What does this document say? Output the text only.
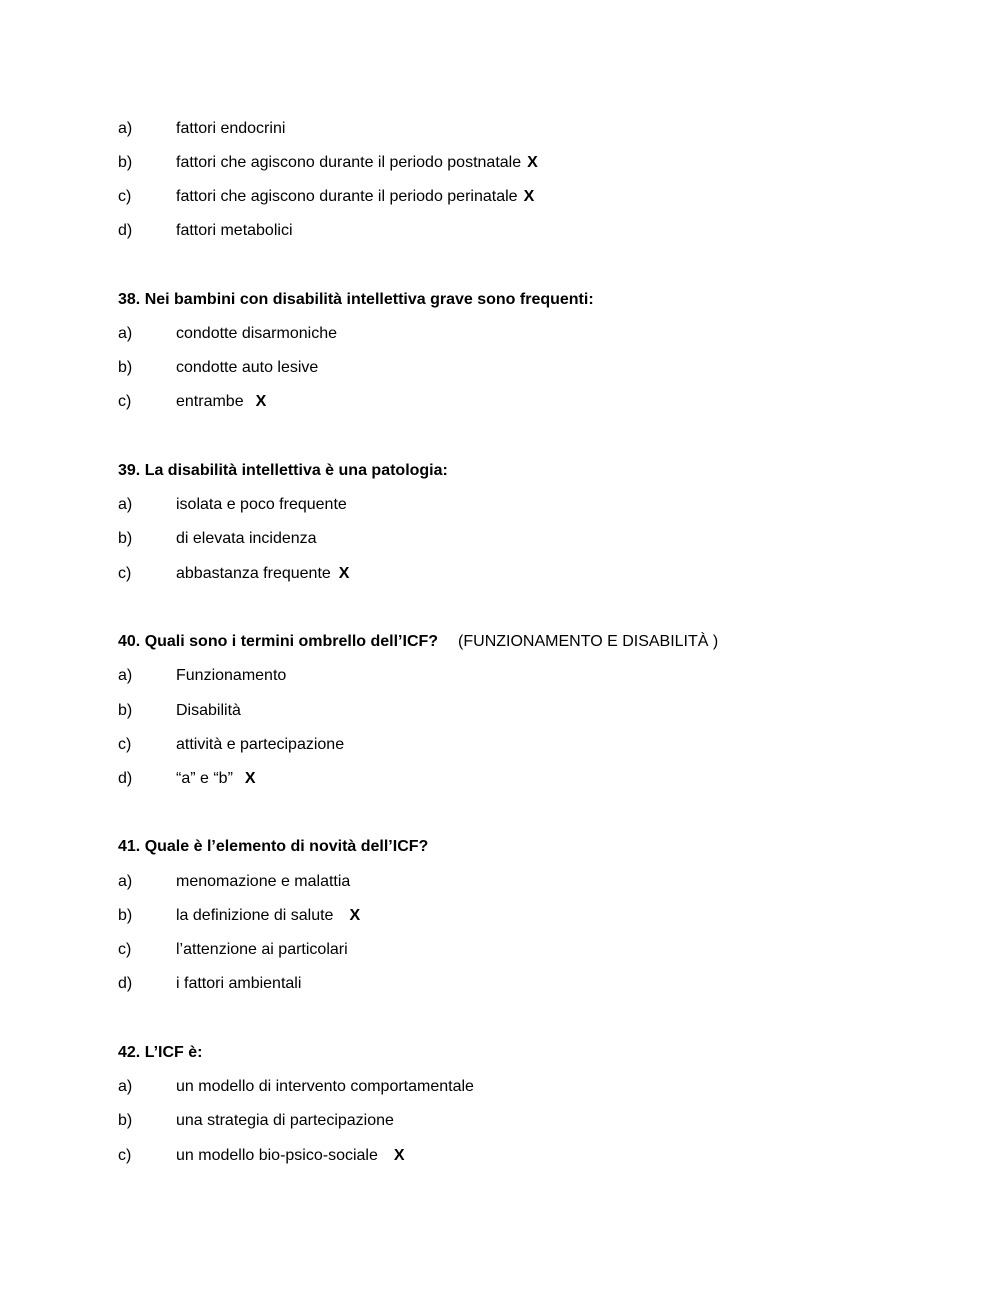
a)	fattori endocrini
b)	fattori che agiscono durante il periodo postnatale X
c)	fattori che agiscono durante il periodo perinatale X
d)	fattori metabolici
38. Nei bambini con disabilità intellettiva grave sono frequenti:
a)	condotte disarmoniche
b)	condotte auto lesive
c)	entrambe X
39. La disabilità intellettiva è una patologia:
a)	isolata e poco frequente
b)	di elevata incidenza
c)	abbastanza frequente X
40. Quali sono i termini ombrello dell’ICF? (FUNZIONAMENTO E DISABILITÀ )
a)	Funzionamento
b)	Disabilità
c)	attività e partecipazione
d)	“a” e “b” X
41. Quale è l’elemento di novità dell’ICF?
a)	menomazione e malattia
b)	la definizione di salute X
c)	l’attenzione ai particolari
d)	i fattori ambientali
42. L’ICF è:
a)	un modello di intervento comportamentale
b)	una strategia di partecipazione
c)	un modello bio-psico-sociale X
